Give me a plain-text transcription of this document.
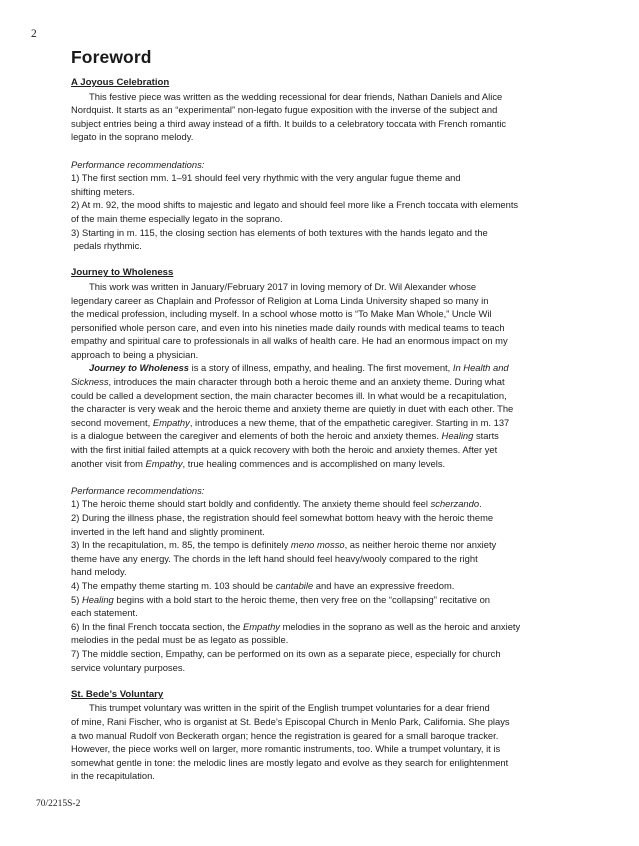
2
Foreword
A Joyous Celebration
This festive piece was written as the wedding recessional for dear friends, Nathan Daniels and Alice
Nordquist. It starts as an “experimental” non-legato fugue exposition with the inverse of the subject and
subject entries being a third away instead of a fifth. It builds to a celebratory toccata with French romantic
legato in the soprano melody.
Performance recommendations:
1) The first section mm. 1–91 should feel very rhythmic with the very angular fugue theme and
shifting meters.
2) At m. 92, the mood shifts to majestic and legato and should feel more like a French toccata with elements
of the main theme especially legato in the soprano.
3) Starting in m. 115, the closing section has elements of both textures with the hands legato and the
pedals rhythmic.
Journey to Wholeness
This work was written in January/February 2017 in loving memory of Dr. Wil Alexander whose
legendary career as Chaplain and Professor of Religion at Loma Linda University shaped so many in
the medical profession, including myself. In a school whose motto is “To Make Man Whole,” Uncle Wil
personified whole person care, and even into his nineties made daily rounds with medical teams to teach
empathy and spiritual care to professionals in all walks of health care. He had an enormous impact on my
approach to being a physician.
Journey to Wholeness is a story of illness, empathy, and healing. The first movement, In Health and
Sickness, introduces the main character through both a heroic theme and an anxiety theme. During what
could be called a development section, the main character becomes ill. In what would be a recapitulation,
the character is very weak and the heroic theme and anxiety theme are quietly in duet with each other. The
second movement, Empathy, introduces a new theme, that of the empathetic caregiver. Starting in m. 137
is a dialogue between the caregiver and elements of both the heroic and anxiety themes. Healing starts
with the first initial failed attempts at a quick recovery with both the heroic and anxiety themes. After yet
another visit from Empathy, true healing commences and is accomplished on many levels.
Performance recommendations:
1) The heroic theme should start boldly and confidently. The anxiety theme should feel scherzando.
2) During the illness phase, the registration should feel somewhat bottom heavy with the heroic theme
inverted in the left hand and slightly prominent.
3) In the recapitulation, m. 85, the tempo is definitely meno mosso, as neither heroic theme nor anxiety
theme have any energy. The chords in the left hand should feel heavy/wooly compared to the right
hand melody.
4) The empathy theme starting m. 103 should be cantabile and have an expressive freedom.
5) Healing begins with a bold start to the heroic theme, then very free on the “collapsing” recitative on
each statement.
6) In the final French toccata section, the Empathy melodies in the soprano as well as the heroic and anxiety
melodies in the pedal must be as legato as possible.
7) The middle section, Empathy, can be performed on its own as a separate piece, especially for church
service voluntary purposes.
St. Bede’s Voluntary
This trumpet voluntary was written in the spirit of the English trumpet voluntaries for a dear friend
of mine, Rani Fischer, who is organist at St. Bede’s Episcopal Church in Menlo Park, California. She plays
a two manual Rudolf von Beckerath organ; hence the registration is geared for a small baroque tracker.
However, the piece works well on larger, more romantic instruments, too. While a trumpet voluntary, it is
somewhat gentle in tone: the melodic lines are mostly legato and evolve as they search for enlightenment
in the recapitulation.
70/2215S-2
